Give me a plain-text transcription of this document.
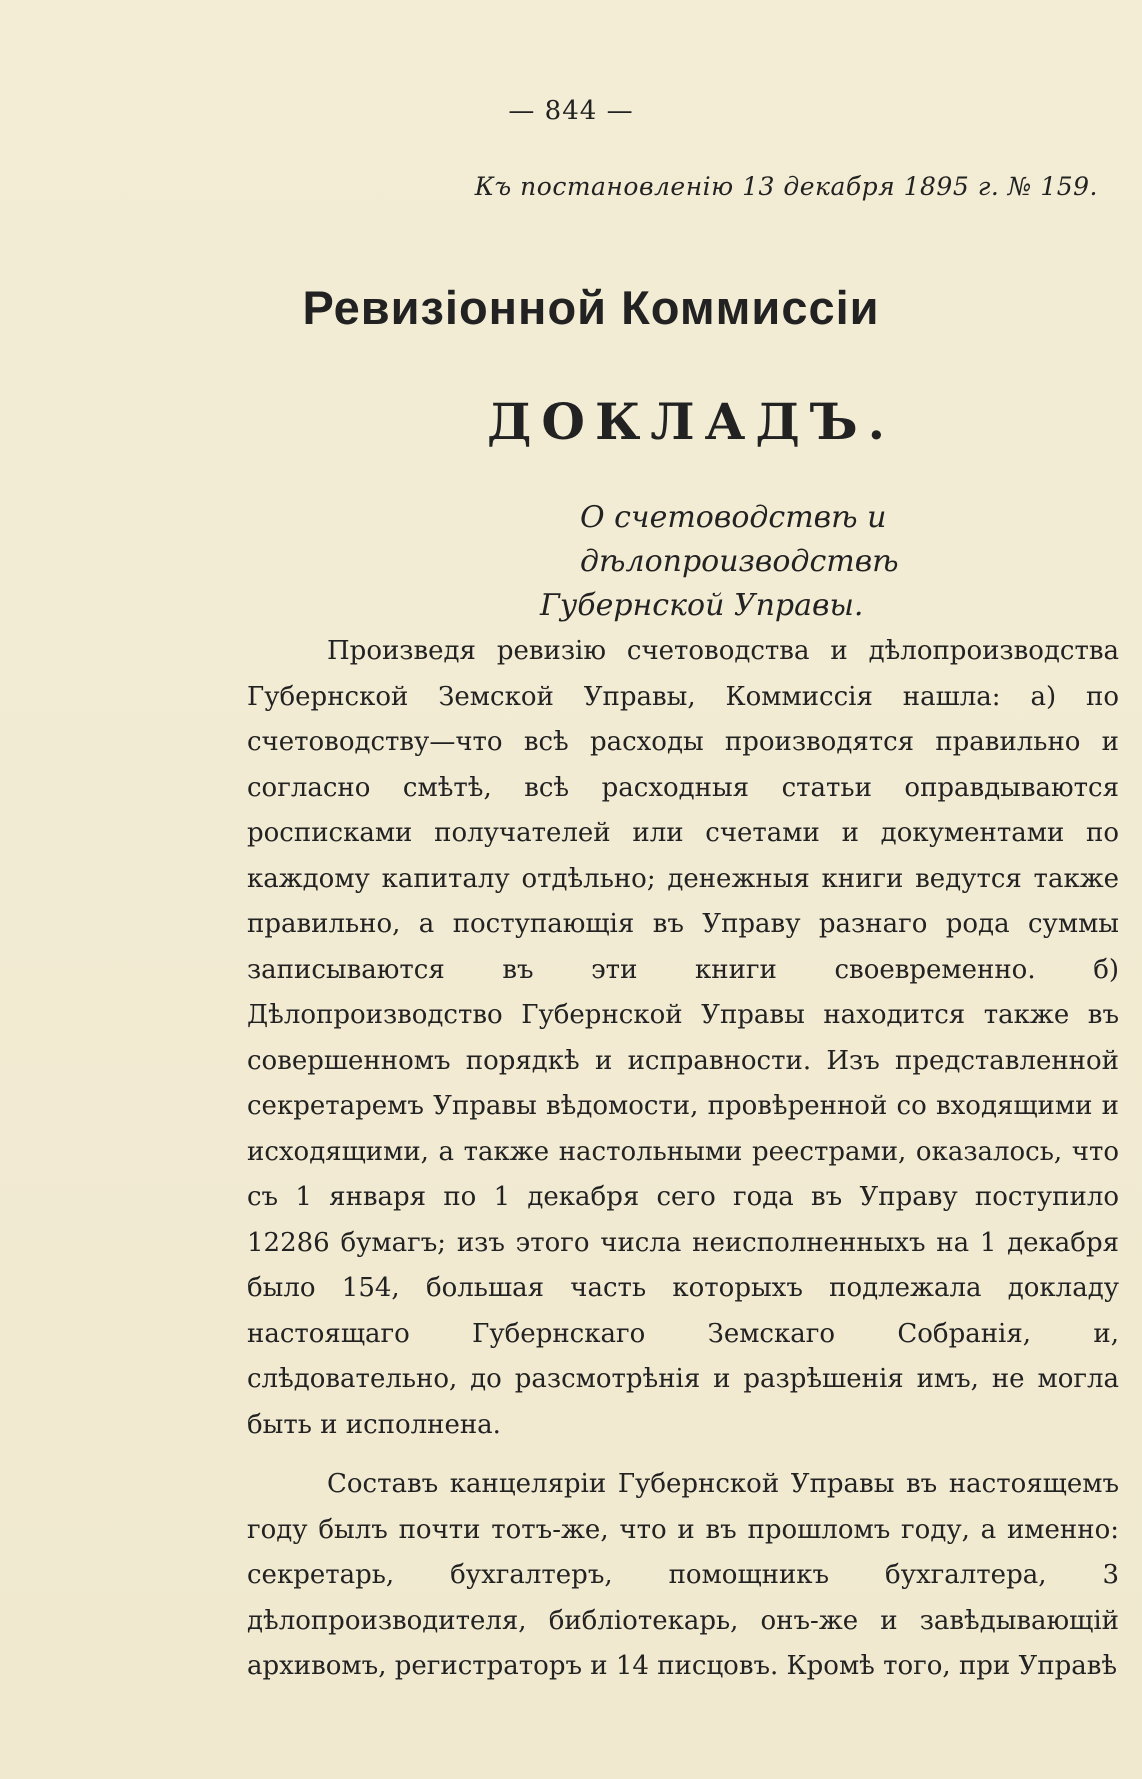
— 844 —
Къ постановленію 13 декабря 1895 г. № 159.
Ревизіонной Коммиссіи
ДОКЛАДЪ.
О счетоводствѣ и дѣлопроизводствѣ
Губернской Управы.

Произведя ревизію счетоводства и дѣлопроизводства Губернской Земской Управы, Коммиссія нашла: а) по счетоводству—что всѣ расходы производятся правильно и согласно смѣтѣ, всѣ расходныя статьи оправдываются росписками получателей или счетами и документами по каждому капиталу отдѣльно; денежныя книги ведутся также правильно, а поступающія въ Управу разнаго рода суммы записываются въ эти книги своевременно. б) Дѣлопроизводство Губернской Управы находится также въ совершенномъ порядкѣ и исправности. Изъ представленной секретаремъ Управы вѣдомости, провѣренной со входящими и исходящими, а также настольными реестрами, оказалось, что съ 1 января по 1 декабря сего года въ Управу поступило 12286 бумагъ; изъ этого числа неисполненныхъ на 1 декабря было 154, большая часть которыхъ подлежала докладу настоящаго Губернскаго Земскаго Собранія, и, слѣдовательно, до разсмотрѣнія и разрѣшенія имъ, не могла быть и исполнена.

Составъ канцеляріи Губернской Управы въ настоящемъ году былъ почти тотъ-же, что и въ прошломъ году, а именно: секретарь, бухгалтеръ, помощникъ бухгалтера, 3 дѣлопроизводителя, библіотекарь, онъ-же и завѣдывающій архивомъ, регистраторъ и 14 писцовъ. Кромѣ того, при Управѣ
